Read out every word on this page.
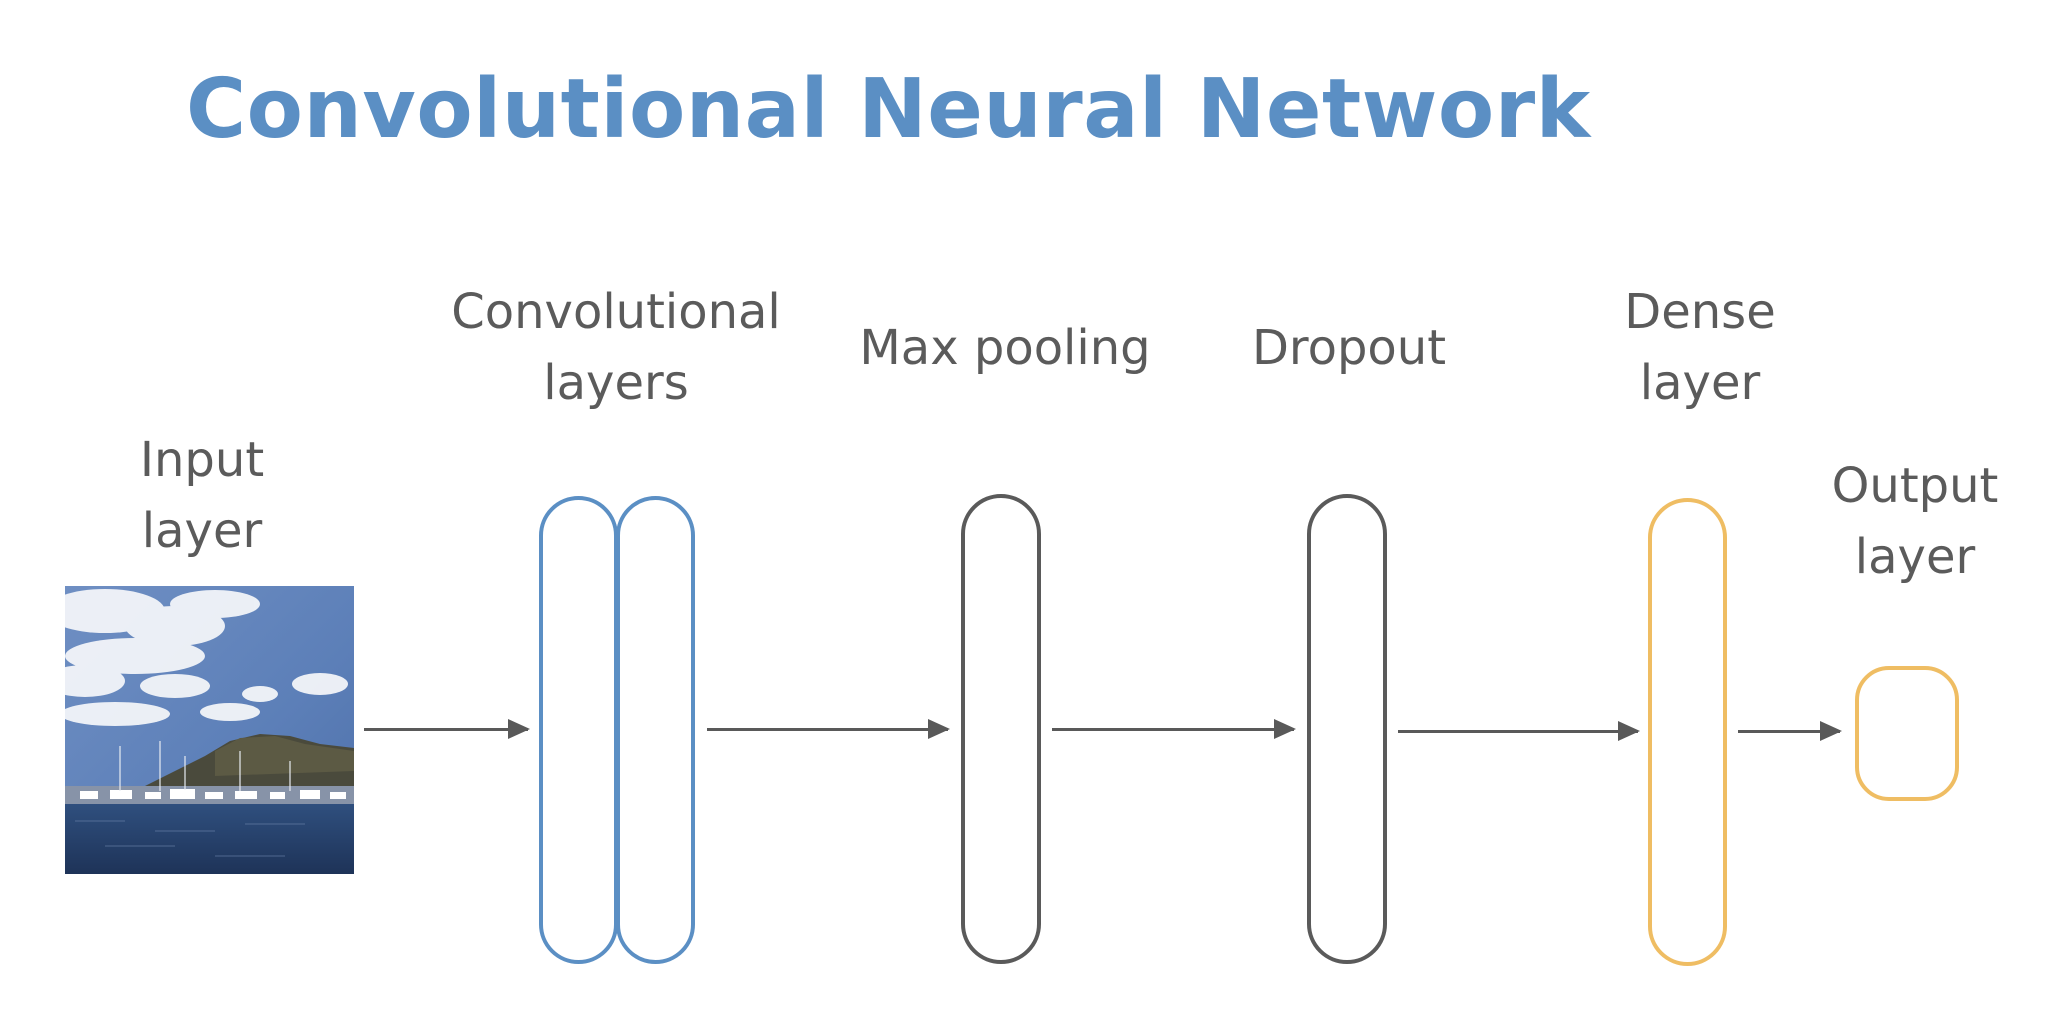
Convolutional Neural Network
Input
layer
Convolutional
layers
Max pooling	Dropout
Dense
layer
Output
layer
